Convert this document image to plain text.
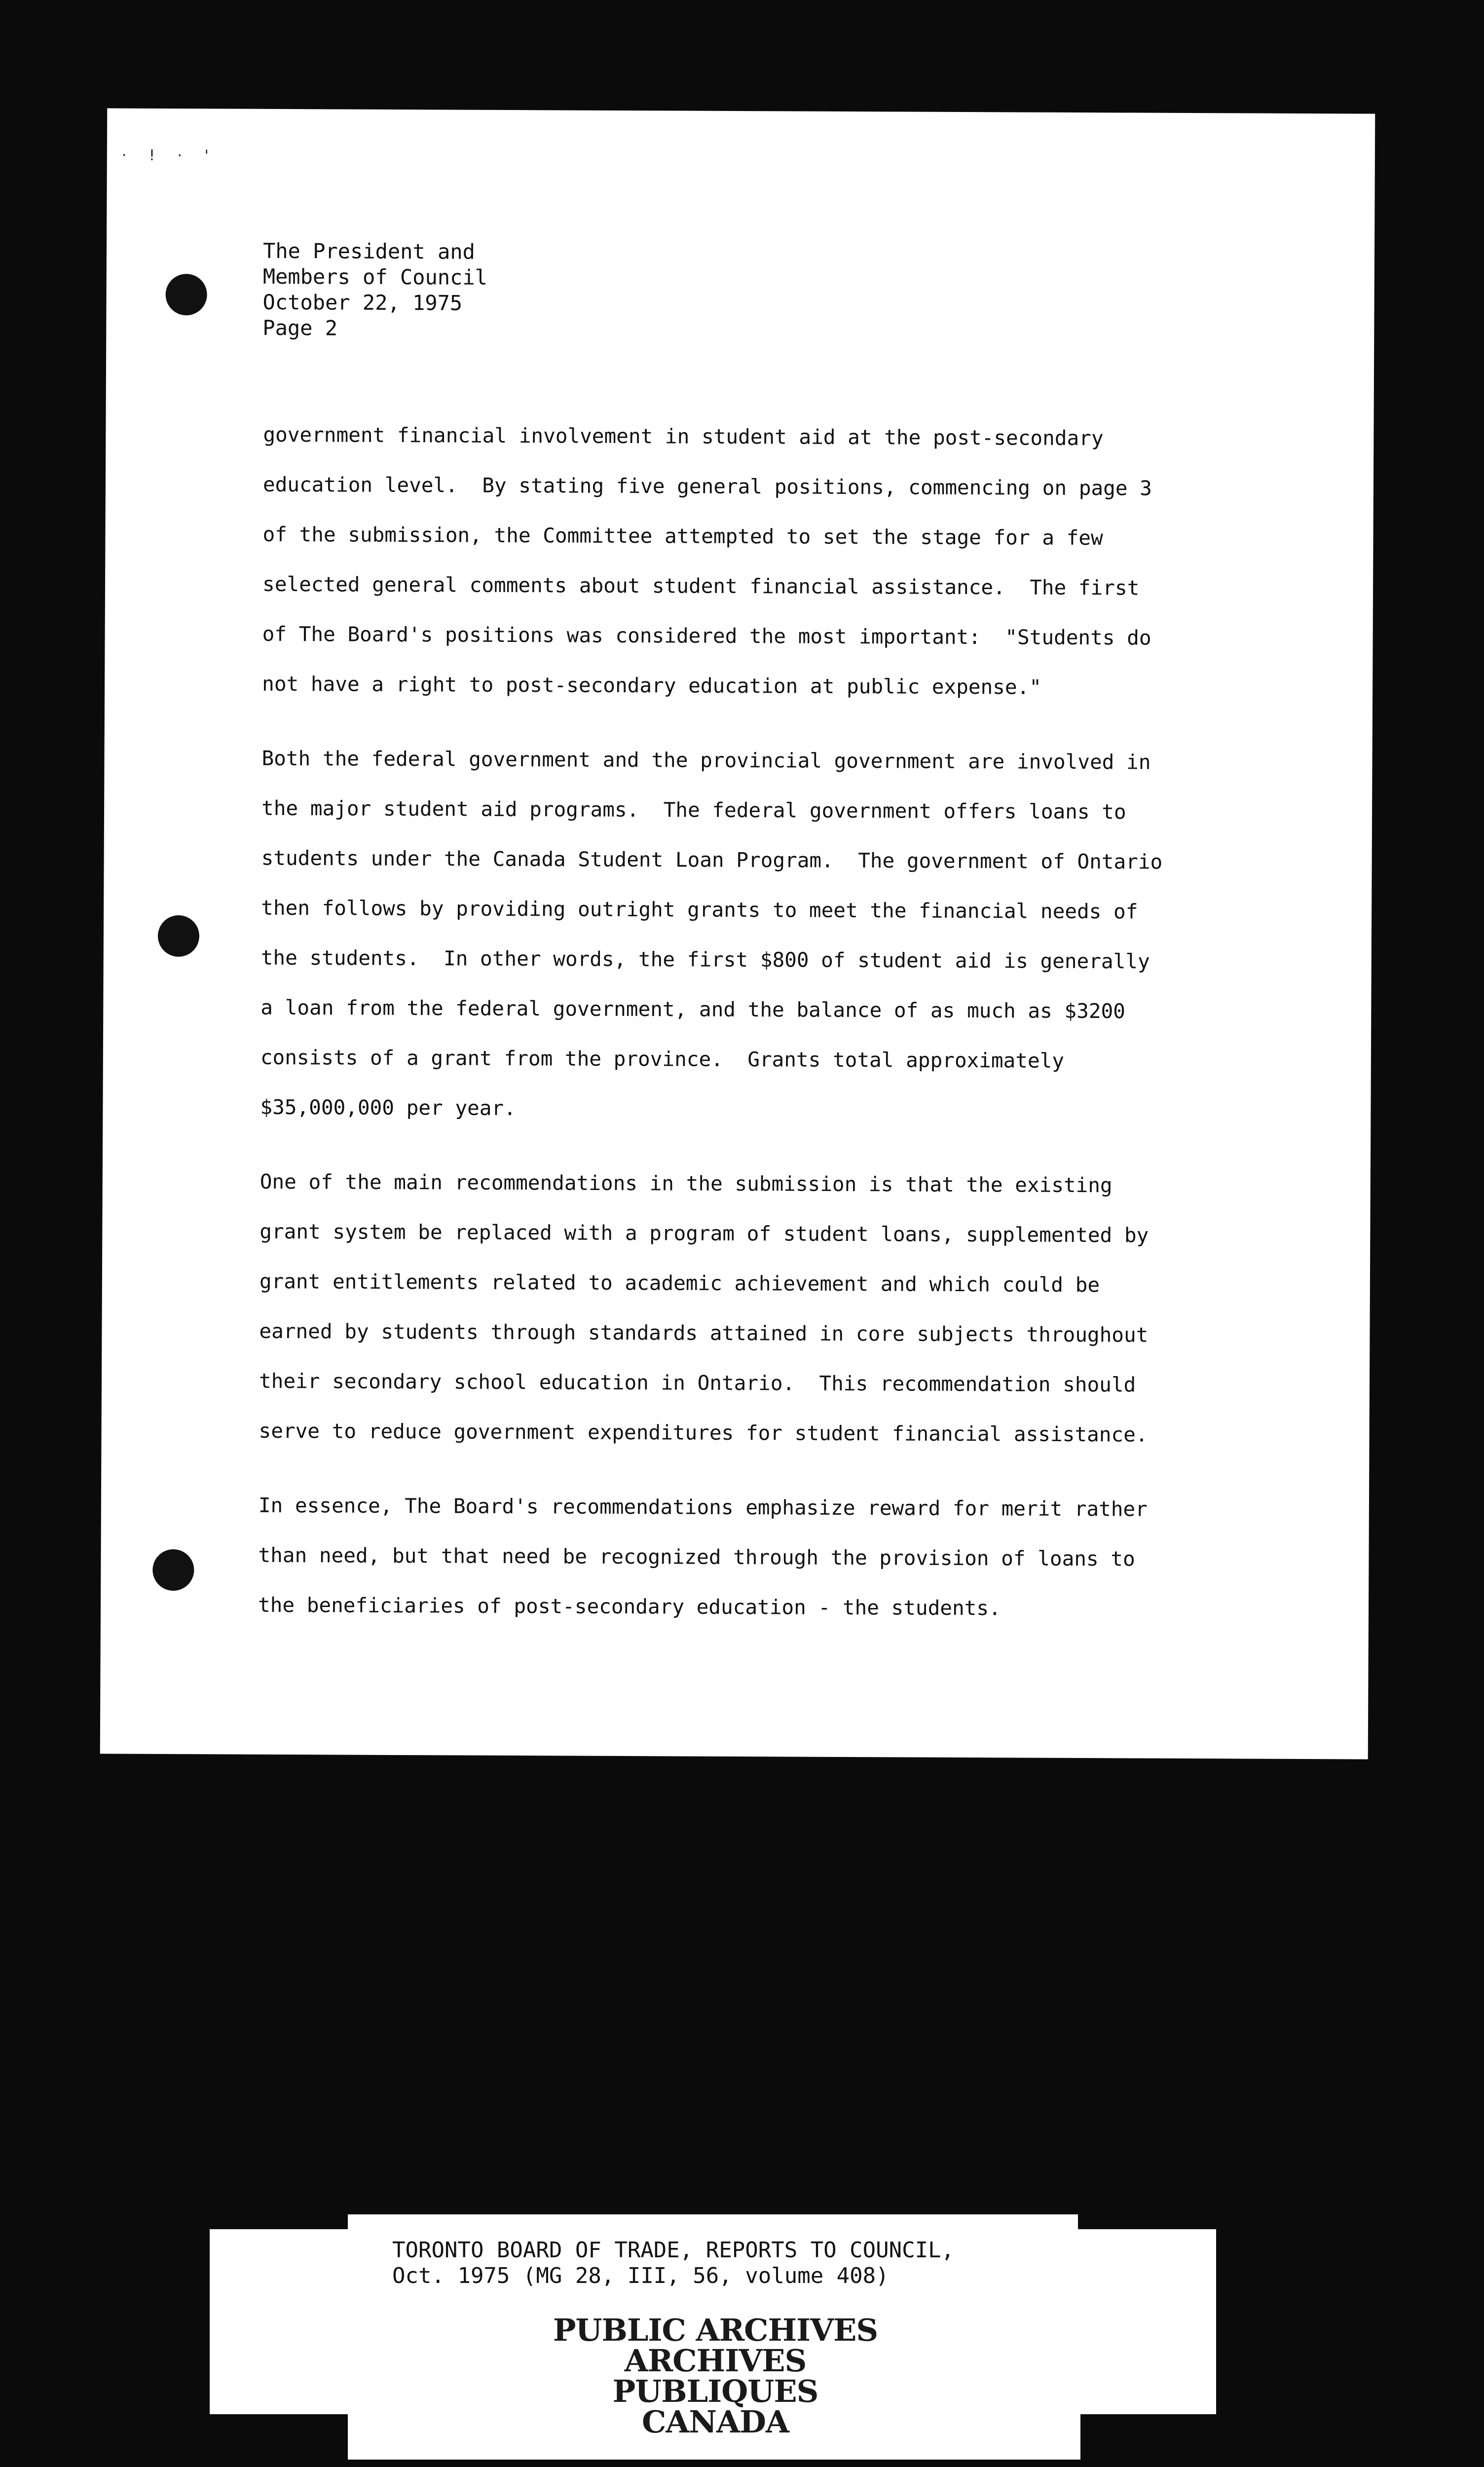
· ! · '
The President and
Members of Council
October 22, 1975
Page 2
government financial involvement in student aid at the post-secondary
education level.  By stating five general positions, commencing on page 3
of the submission, the Committee attempted to set the stage for a few
selected general comments about student financial assistance.  The first
of The Board's positions was considered the most important:  "Students do
not have a right to post-secondary education at public expense."
Both the federal government and the provincial government are involved in
the major student aid programs.  The federal government offers loans to
students under the Canada Student Loan Program.  The government of Ontario
then follows by providing outright grants to meet the financial needs of
the students.  In other words, the first $800 of student aid is generally
a loan from the federal government, and the balance of as much as $3200
consists of a grant from the province.  Grants total approximately
$35,000,000 per year.
One of the main recommendations in the submission is that the existing
grant system be replaced with a program of student loans, supplemented by
grant entitlements related to academic achievement and which could be
earned by students through standards attained in core subjects throughout
their secondary school education in Ontario.  This recommendation should
serve to reduce government expenditures for student financial assistance.
In essence, The Board's recommendations emphasize reward for merit rather
than need, but that need be recognized through the provision of loans to
the beneficiaries of post-secondary education - the students.
TORONTO BOARD OF TRADE, REPORTS TO COUNCIL,
Oct. 1975 (MG 28, III, 56, volume 408)
PUBLIC ARCHIVES
ARCHIVES PUBLIQUES
CANADA
